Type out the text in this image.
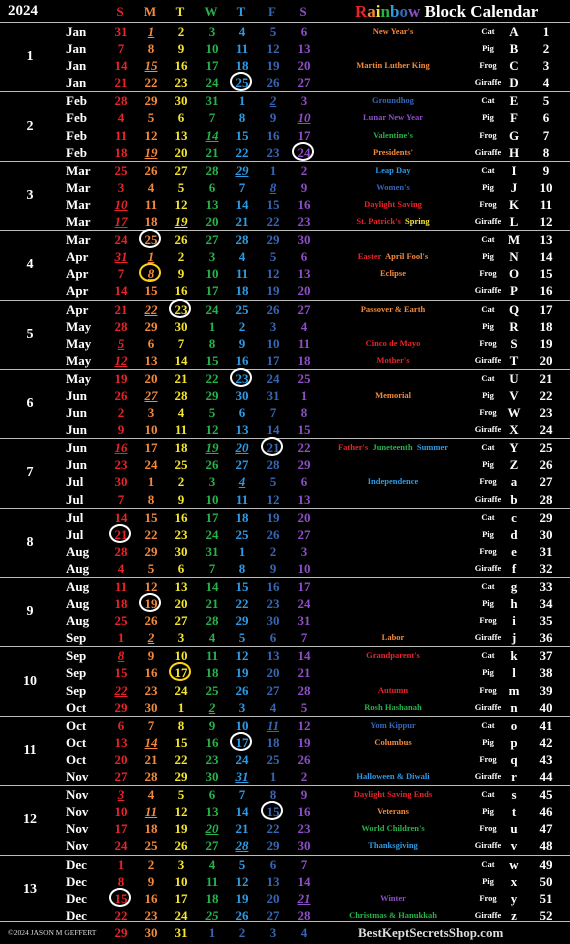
2024	S	M	T	W	T	F	S	Rainbow Block Calendar
1
Jan	31	1	2	3	4	5	6	New Year's	Cat	A	1
Jan	7	8	9	10	11	12	13	Pig	B	2
Jan	14	15	16	17	18	19	20	Martin Luther King	Frog C	3
Jan	21	22	23	24	25	26	27	Giraffe D	4
2
Feb	28	29	30	31	1	2	3	Groundhog	Cat	E	5
Feb	4	5	6	7	8	9	10	Lunar New Year	Pig	F	6
Feb	11	12	13	14	15	16	17	Valentine's	Frog G	7
Feb	18	19	20	21	22	23	24	Presidents'	Giraffe H	8
3
Mar	25	26	27	28	29	1	2	Leap Day	Cat	I	9
Mar	3	4	5	6	7	8	9	Women's	Pig	J	10
Mar	10	11	12	13	14	15	16	Daylight Saving	Frog K	11
Mar	17	18	19	20	21	22	23	St. Patrick's  Spring	Giraffe L	12
4
Mar	24	25	26	27	28	29	30	Cat	M	13
Apr	31	1	2	3	4	5	6	Easter  April Fool's	Pig	N	14
Apr	7	8	9	10	11	12	13	Eclipse	Frog O	15
Apr	14	15	16	17	18	19	20	Giraffe P	16
5
Apr	21	22	23	24	25	26	27	Passover & Earth	Cat	Q	17
May	28	29	30	1	2	3	4	Pig	R	18
May	5	6	7	8	9	10	11	Cinco de Mayo	Frog	S	19
May	12	13	14	15	16	17	18	Mother's	Giraffe T	20
6
May	19	20	21	22	23	24	25	Cat	U	21
Jun	26	27	28	29	30	31	1	Memorial	Pig	V	22
Jun	2	3	4	5	6	7	8	Frog W	23
Jun	9	10	11	12	13	14	15	Giraffe X	24
7
Jun	16	17	18	19	20	21	22	Father's  Juneteenth  Summer	Cat	Y	25
Jun	23	24	25	26	27	28	29	Pig	Z	26
Jul	30	1	2	3	4	5	6	Independence	Frog	a	27
Jul	7	8	9	10	11	12	13	Giraffe b	28
8
Jul	14	15	16	17	18	19	20	Cat	c	29
Jul	21	22	23	24	25	26	27	Pig	d	30
Aug	28	29	30	31	1	2	3	Frog	e	31
Aug	4	5	6	7	8	9	10	Giraffe f	32
9
Aug	11	12	13	14	15	16	17	Cat	g	33
Aug	18	19	20	21	22	23	24	Pig	h	34
Aug	25	26	27	28	29	30	31	Frog	i	35
Sep	1	2	3	4	5	6	7	Labor	Giraffe j	36
10
Sep	8	9	10	11	12	13	14	Grandparent's	Cat	k	37
Sep	15	16	17	18	19	20	21	Pig	l	38
Sep	22	23	24	25	26	27	28	Autumn	Frog m	39
Oct	29	30	1	2	3	4	5	Rosh Hashanah	Giraffe n	40
11
Oct	6	7	8	9	10	11	12	Yom Kippur	Cat	o	41
Oct	13	14	15	16	17	18	19	Columbus	Pig	p	42
Oct	20	21	22	23	24	25	26	Frog	q	43
Nov	27	28	29	30	31	1	2	Halloween & Diwali	Giraffe r	44
12
Nov	3	4	5	6	7	8	9	Daylight Saving Ends	Cat	s	45
Nov	10	11	12	13	14	15	16	Veterans	Pig	t	46
Nov	17	18	19	20	21	22	23	World Children's	Frog	u	47
Nov	24	25	26	27	28	29	30	Thanksgiving	Giraffe v	48
13
Dec	1	2	3	4	5	6	7	Cat	w	49
Dec	8	9	10	11	12	13	14	Pig	x	50
Dec	15	16	17	18	19	20	21	Winter	Frog	y	51
Dec	22	23	24	25	26	27	28	Christmas & Hanukkah	Giraffe z	52
29	30	31	1	2	3	4
©2024 JASON M GEFFERT	BestKeptSecretsShop.com
